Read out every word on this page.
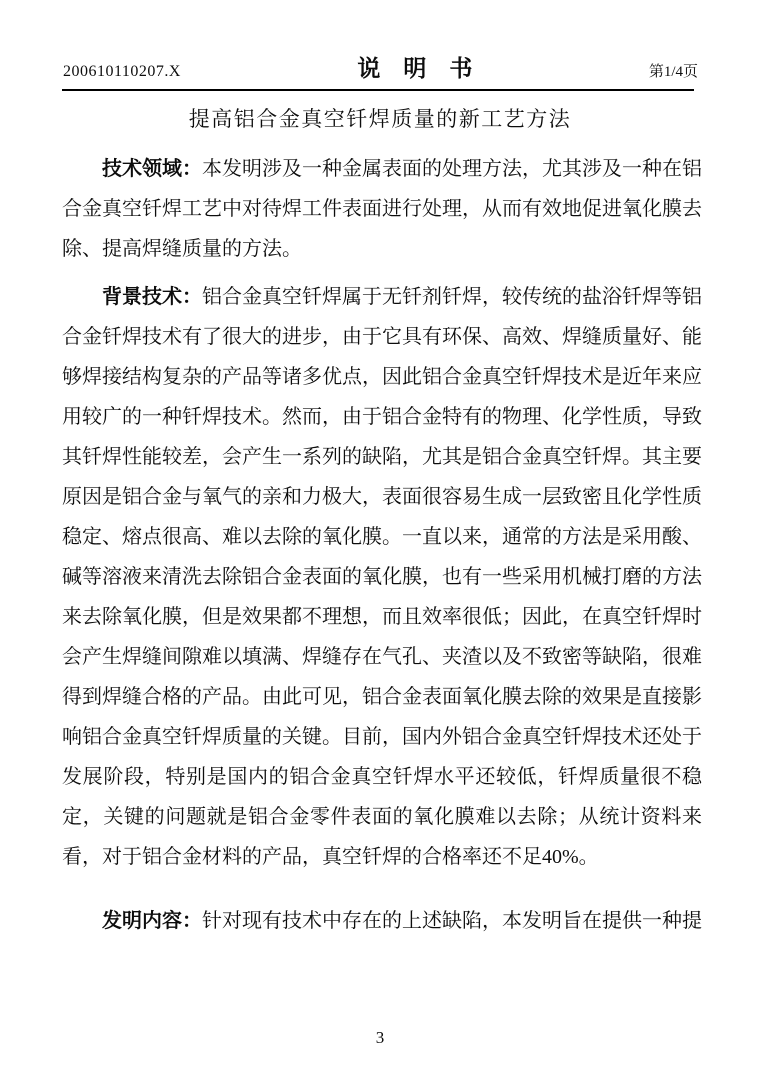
200610110207.X	说　明　书	第1/4页
提高铝合金真空钎焊质量的新工艺方法

技术领域：本发明涉及一种金属表面的处理方法，尤其涉及一种在铝合金真空钎焊工艺中对待焊工件表面进行处理，从而有效地促进氧化膜去除、提高焊缝质量的方法。

背景技术：铝合金真空钎焊属于无钎剂钎焊，较传统的盐浴钎焊等铝合金钎焊技术有了很大的进步，由于它具有环保、高效、焊缝质量好、能够焊接结构复杂的产品等诸多优点，因此铝合金真空钎焊技术是近年来应用较广的一种钎焊技术。然而，由于铝合金特有的物理、化学性质，导致其钎焊性能较差，会产生一系列的缺陷，尤其是铝合金真空钎焊。其主要原因是铝合金与氧气的亲和力极大，表面很容易生成一层致密且化学性质稳定、熔点很高、难以去除的氧化膜。一直以来，通常的方法是采用酸、碱等溶液来清洗去除铝合金表面的氧化膜，也有一些采用机械打磨的方法来去除氧化膜，但是效果都不理想，而且效率很低；因此，在真空钎焊时会产生焊缝间隙难以填满、焊缝存在气孔、夹渣以及不致密等缺陷，很难得到焊缝合格的产品。由此可见，铝合金表面氧化膜去除的效果是直接影响铝合金真空钎焊质量的关键。目前，国内外铝合金真空钎焊技术还处于发展阶段，特别是国内的铝合金真空钎焊水平还较低，钎焊质量很不稳定，关键的问题就是铝合金零件表面的氧化膜难以去除；从统计资料来看，对于铝合金材料的产品，真空钎焊的合格率还不足40%。

发明内容：针对现有技术中存在的上述缺陷，本发明旨在提供一种提

3
